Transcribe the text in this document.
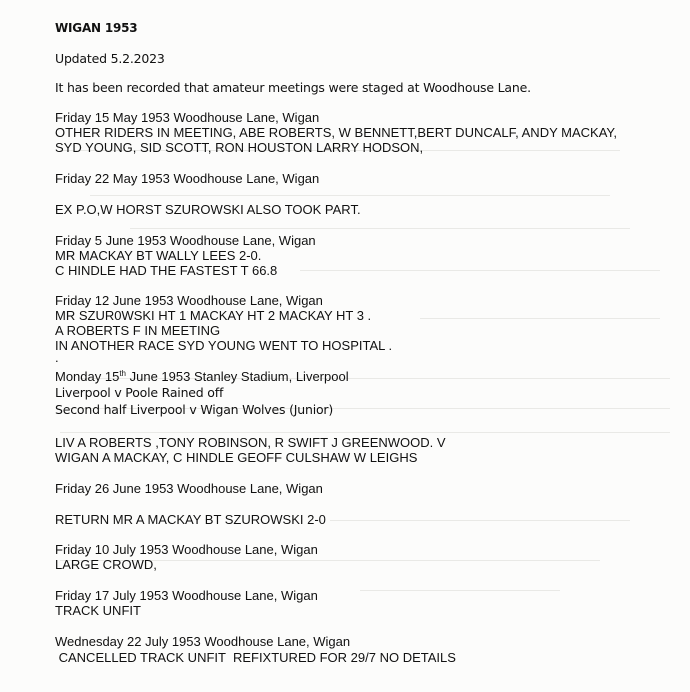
WIGAN 1953

Updated 5.2.2023

It has been recorded that amateur meetings were staged at Woodhouse Lane.

Friday 15 May 1953 Woodhouse Lane, Wigan

OTHER RIDERS IN MEETING, ABE ROBERTS, W BENNETT,BERT DUNCALF, ANDY MACKAY,

SYD YOUNG, SID SCOTT, RON HOUSTON LARRY HODSON,

Friday 22 May 1953 Woodhouse Lane, Wigan

EX P.O,W HORST SZUROWSKI ALSO TOOK PART.

Friday 5 June 1953 Woodhouse Lane, Wigan

MR MACKAY BT WALLY LEES 2-0.

C HINDLE HAD THE FASTEST T 66.8

Friday 12 June 1953 Woodhouse Lane, Wigan

MR SZUR0WSKI HT 1 MACKAY HT 2 MACKAY HT 3 .

A ROBERTS F IN MEETING

IN ANOTHER RACE SYD YOUNG WENT TO HOSPITAL .

.

Monday 15th June 1953 Stanley Stadium, Liverpool

Liverpool v Poole Rained off

Second half Liverpool v Wigan Wolves (Junior)

LIV A ROBERTS ,TONY ROBINSON, R SWIFT J GREENWOOD. V

WIGAN A MACKAY, C HINDLE GEOFF CULSHAW W LEIGHS

Friday 26 June 1953 Woodhouse Lane, Wigan

RETURN MR A MACKAY BT SZUROWSKI 2-0

Friday 10 July 1953 Woodhouse Lane, Wigan

LARGE CROWD,

Friday 17 July 1953 Woodhouse Lane, Wigan

TRACK UNFIT

Wednesday 22 July 1953 Woodhouse Lane, Wigan

CANCELLED TRACK UNFIT  REFIXTURED FOR 29/7 NO DETAILS
